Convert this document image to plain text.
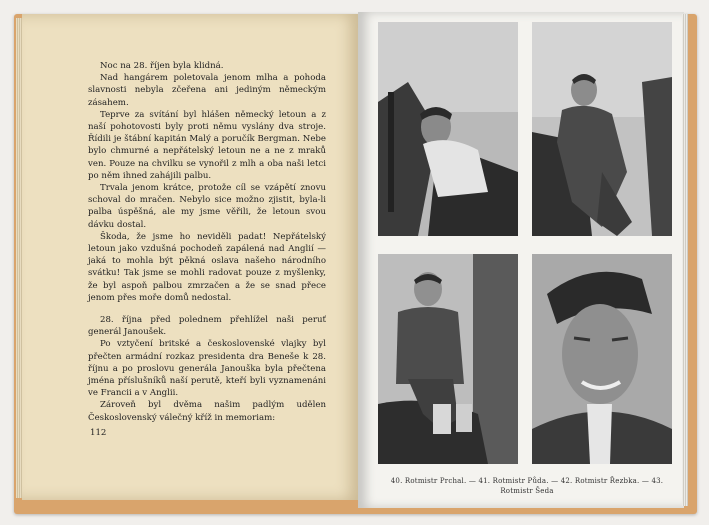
Noc na 28. říjen byla klidná.

Nad hangárem poletovala jenom mlha a pohoda slavnosti nebyla zčeřena ani jediným německým zásahem.

Teprve za svítání byl hlášen německý letoun a z naší pohotovosti byly proti němu vyslány dva stroje. Řídili je štábní kapitán Malý a poručík Bergman. Nebe bylo chmurné a nepřátelský letoun ne a ne z mraků ven. Pouze na chvilku se vynořil z mlh a oba naši letci po něm ihned zahájili palbu.

Trvala jenom krátce, protože cíl se vzápětí znovu schoval do mračen. Nebylo sice možno zjistit, byla-li palba úspěšná, ale my jsme věřili, že letoun svou dávku dostal.

Škoda, že jsme ho neviděli padat! Nepřátelský letoun jako vzdušná pochodeň zapálená nad Anglií — jaká to mohla být pěkná oslava našeho národního svátku! Tak jsme se mohli radovat pouze z myšlenky, že byl aspoň palbou zmrzačen a že se snad přece jenom přes moře domů nedostal.

28. října před polednem přehlížel naši peruť generál Janoušek.

Po vztyčení britské a československé vlajky byl přečten armádní rozkaz presidenta dra Beneše k 28. říjnu a po proslovu generála Janouška byla přečtena jména příslušníků naší perutě, kteří byli vyznamenáni ve Francii a v Anglii.

Zároveň byl dvěma našim padlým udělen Československý válečný kříž in memoriam:

112
40. Rotmistr Prchal. — 41. Rotmistr Půda. — 42. Rotmistr Řezbka. — 43. Rotmistr Šeda
